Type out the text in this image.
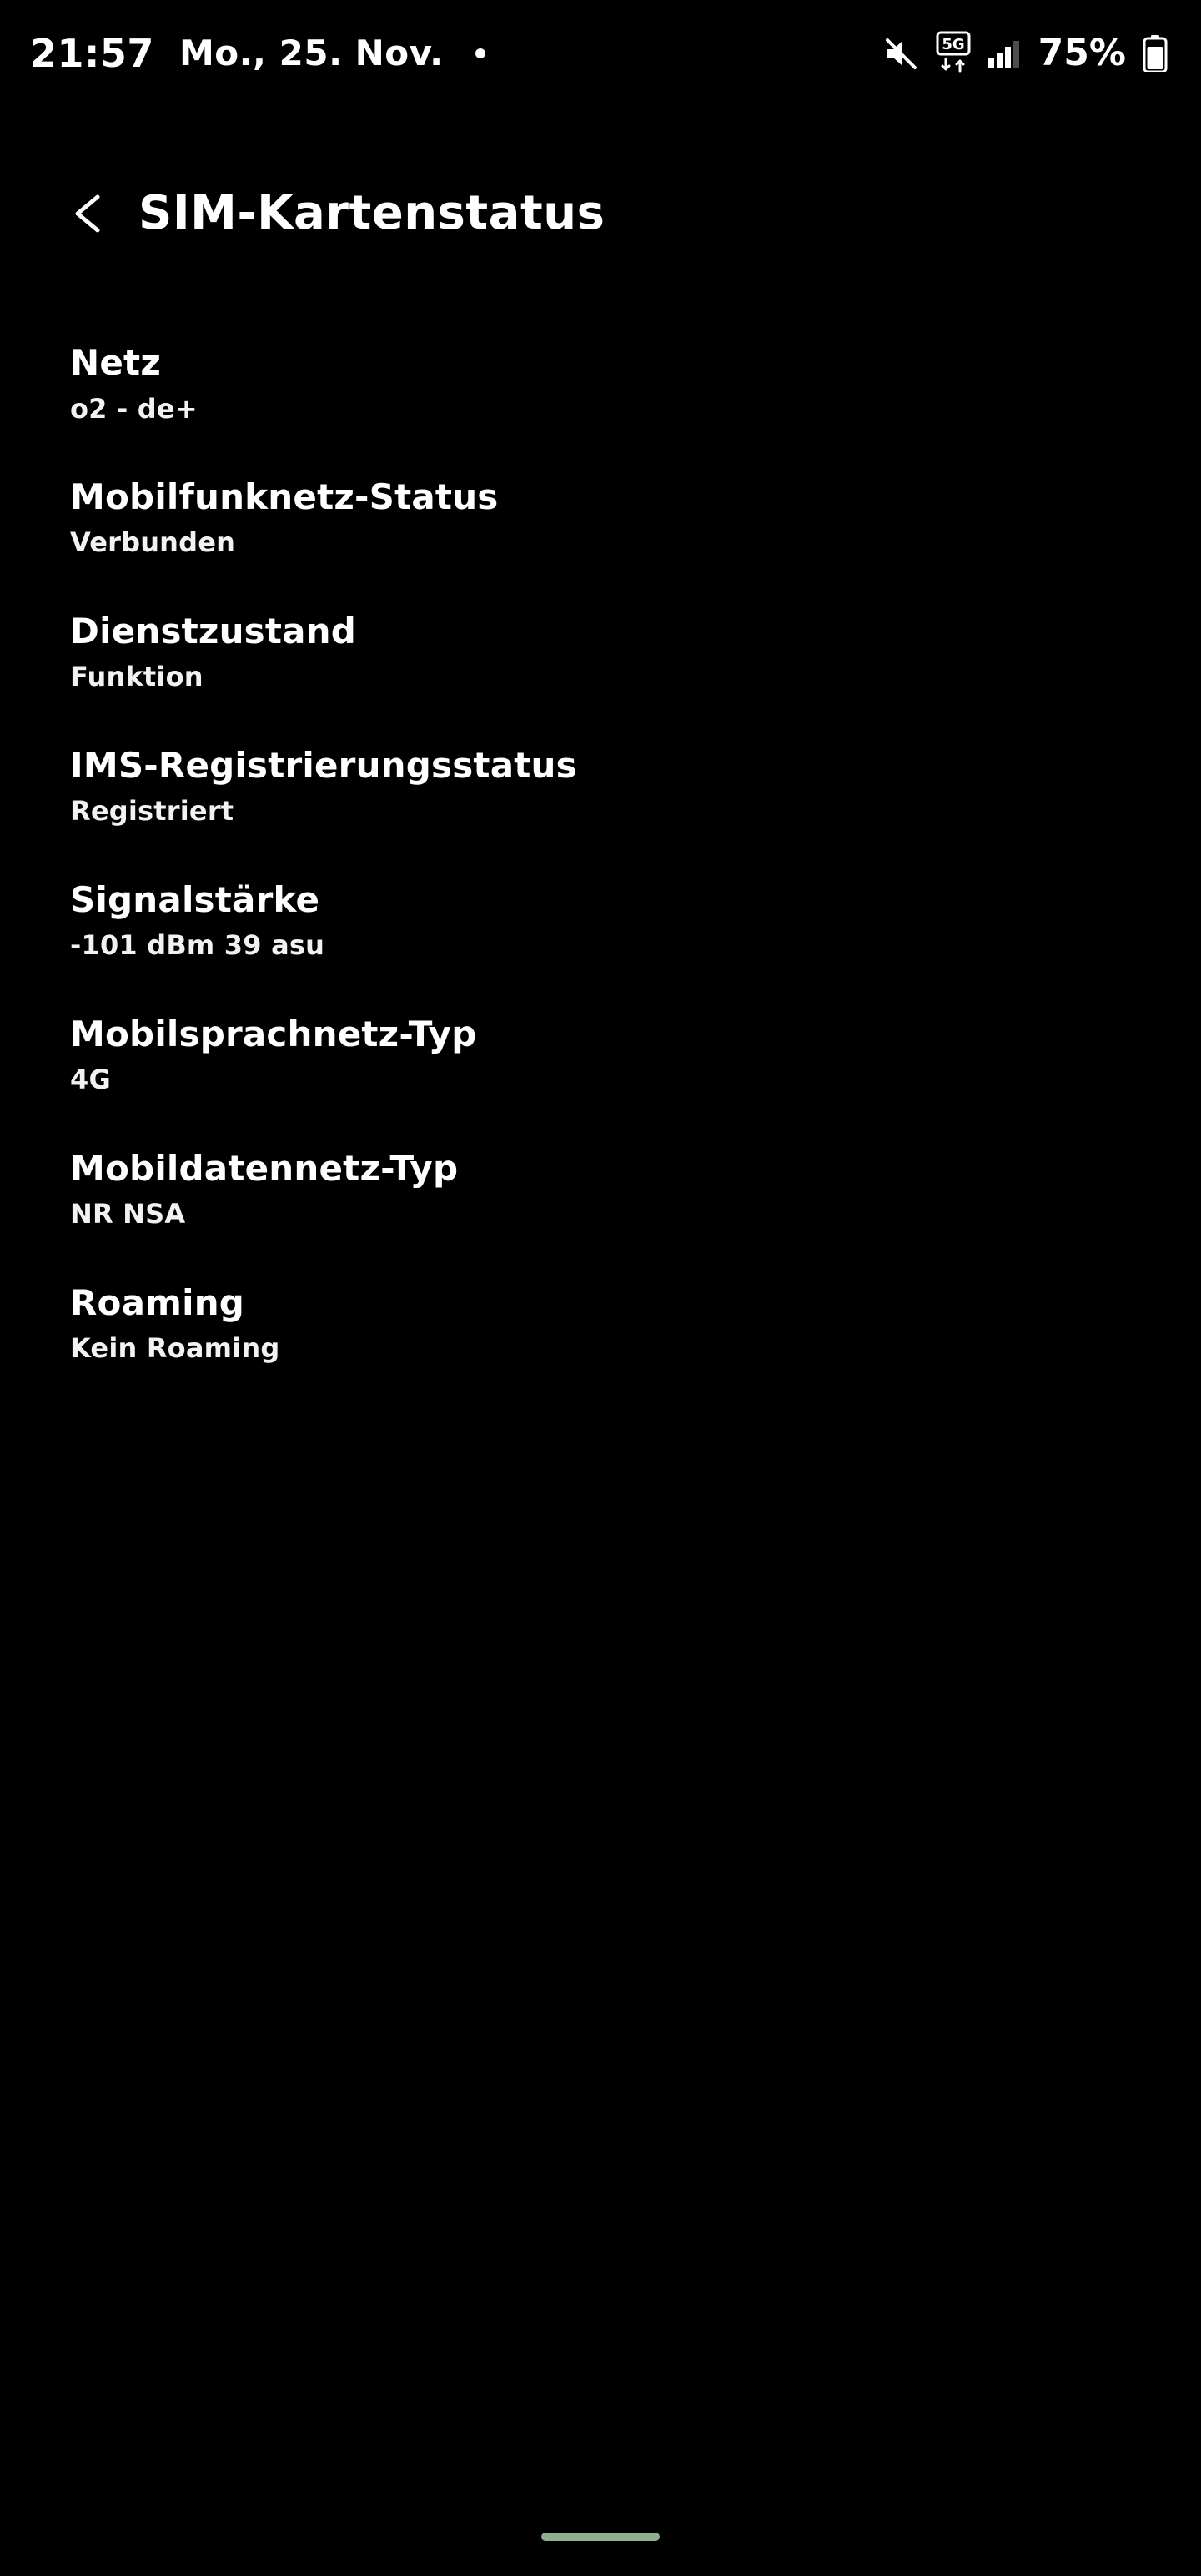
21:57 Mo., 25. Nov.	5G 75%
SIM-Kartenstatus
Netz
o2 - de+
Mobilfunknetz-Status
Verbunden
Dienstzustand
Funktion
IMS-Registrierungsstatus
Registriert
Signalstärke
-101 dBm 39 asu
Mobilsprachnetz-Typ
4G
Mobildatennetz-Typ
NR NSA
Roaming
Kein Roaming
